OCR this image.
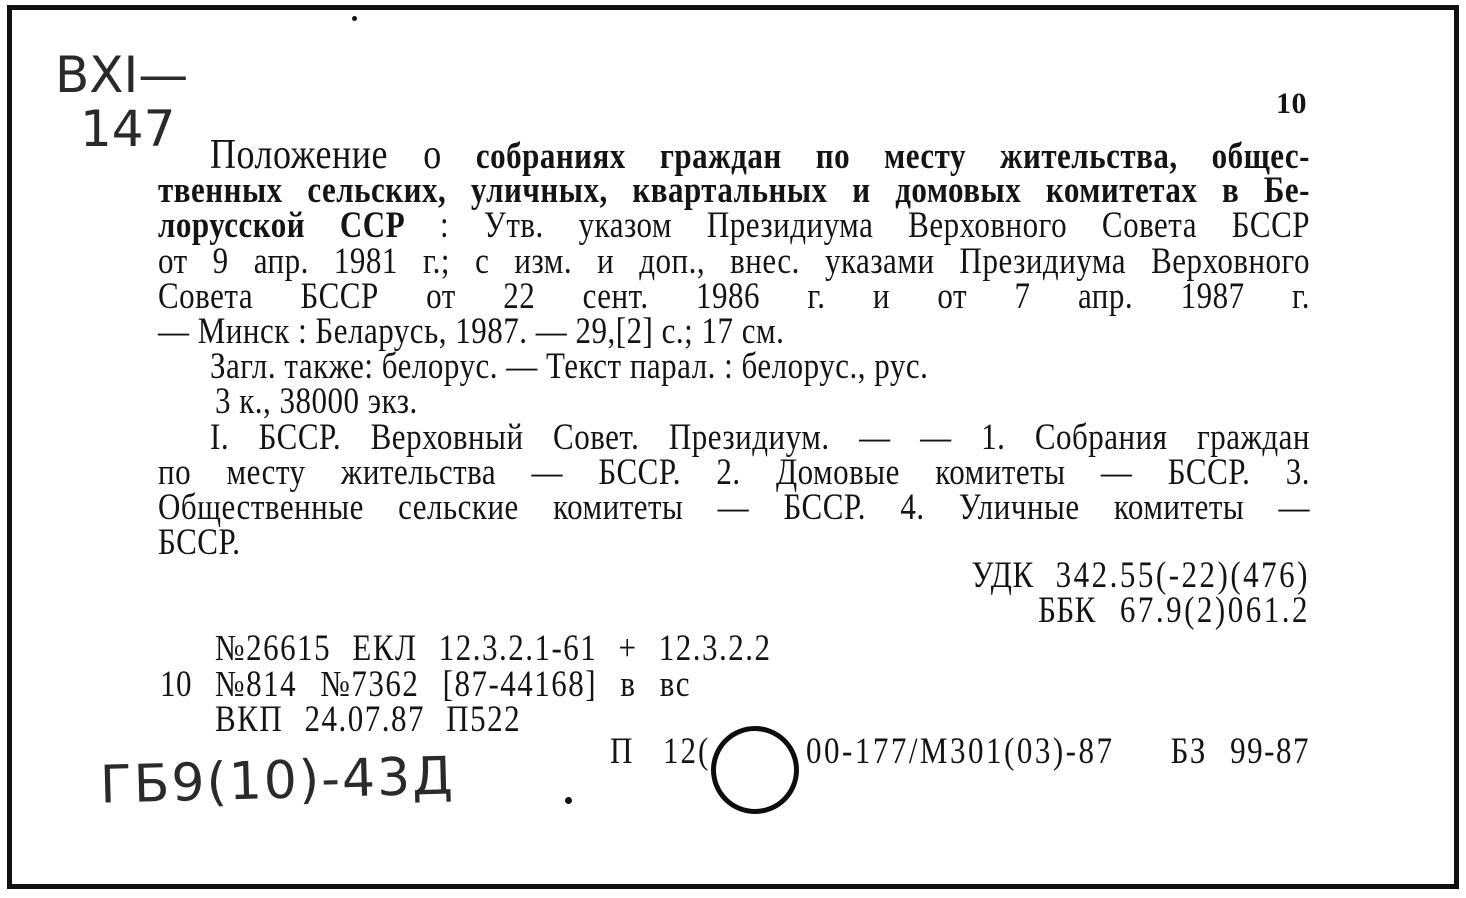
ВХІ—
147
ГБ9(10)-43Д
10
Положение о собраниях граждан по месту жительства, общес-
твенных сельских, уличных, квартальных и домовых комитетах в Бе-
лорусской ССР : Утв. указом Президиума Верховного Совета БССР
от 9 апр. 1981 г.; с изм. и доп., внес. указами Президиума Верховного
Совета БССР от 22 сент. 1986 г. и от 7 апр. 1987 г.
— Минск : Беларусь, 1987. — 29,[2] с.; 17 см.
Загл. также: белорус. — Текст парал. : белорус., рус.
3 к., 38000 экз.
I. БССР. Верховный Совет. Президиум. — — 1. Собрания граждан
по месту жительства — БССР. 2. Домовые комитеты — БССР. 3.
Общественные сельские комитеты — БССР. 4. Уличные комитеты —
БССР.
УДК 342.55(-22)(476)
ББК 67.9(2)061.2
№26615 ЕКЛ 12.3.2.1-61 + 12.3.2.2
10 №814 №7362 [87-44168] в вс
ВКП 24.07.87 П522
П 12(	00-177/М301(03)-87	БЗ 99-87
